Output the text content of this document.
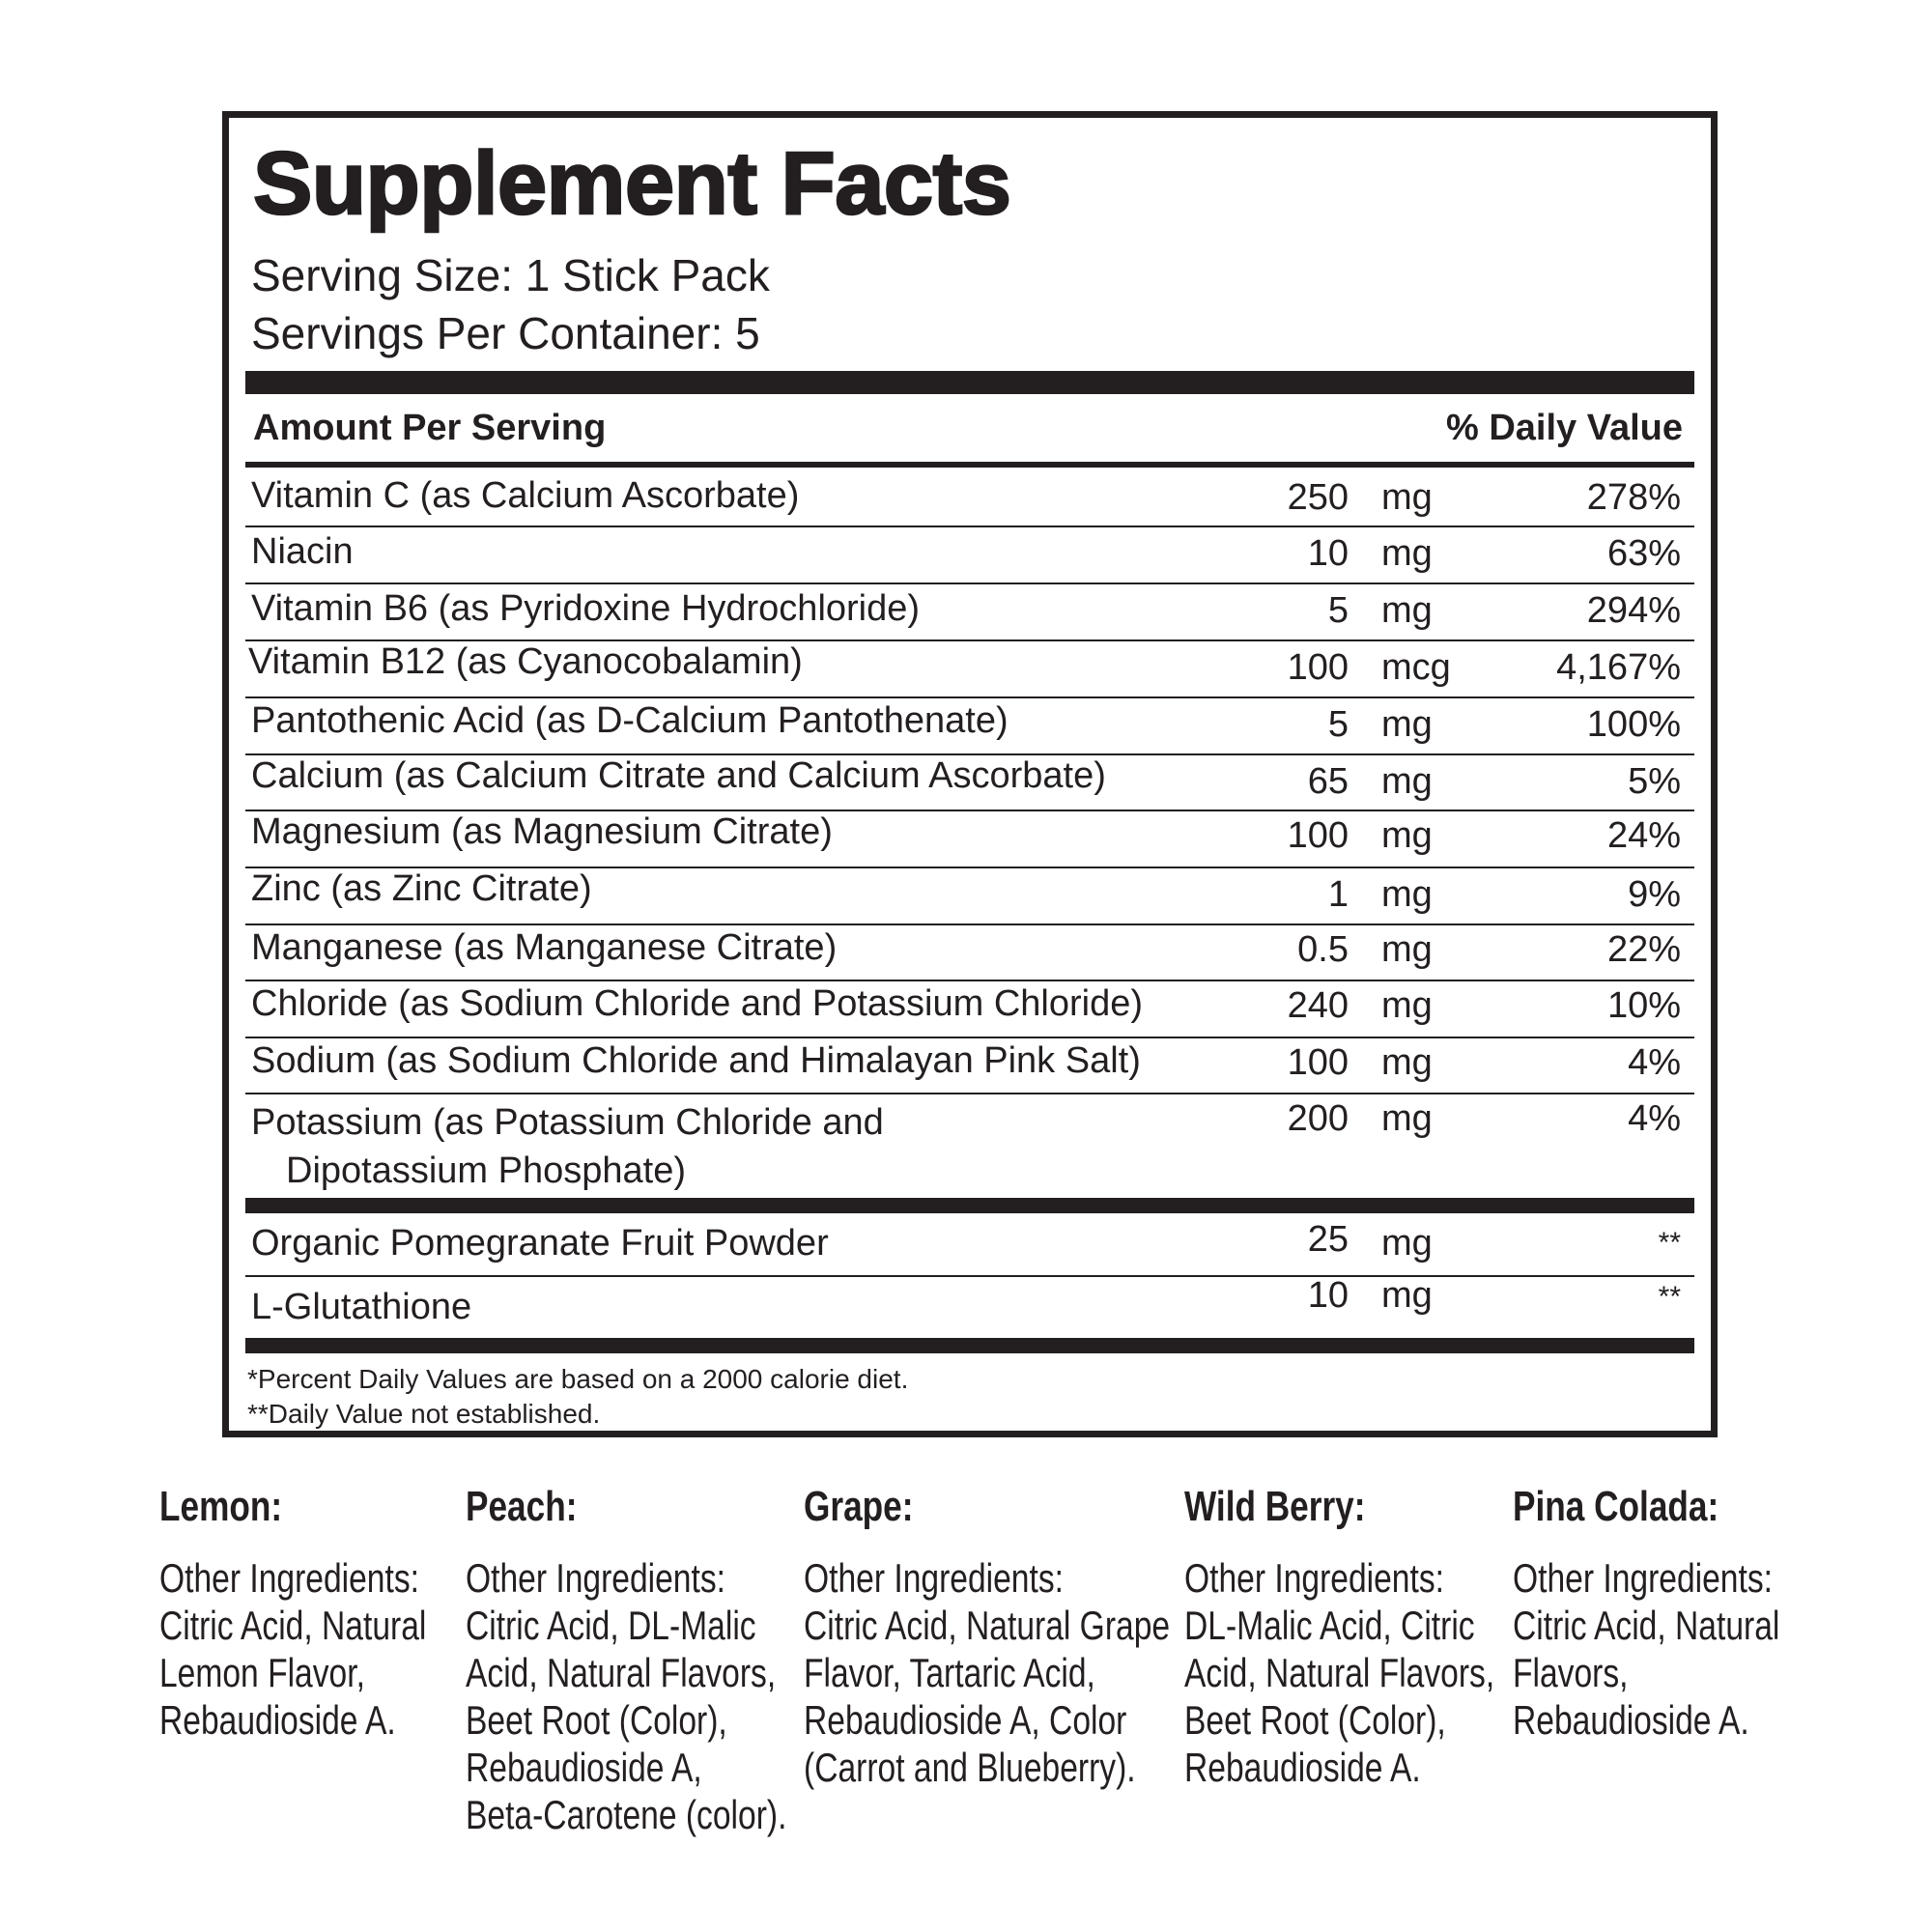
Supplement Facts
Serving Size: 1 Stick Pack
Servings Per Container: 5
Amount Per Serving	% Daily Value
Vitamin C (as Calcium Ascorbate)	250 mg	278%
Niacin	10 mg	63%
Vitamin B6 (as Pyridoxine Hydrochloride)	5 mg	294%
Vitamin B12 (as Cyanocobalamin)	100 mcg	4,167%
Pantothenic Acid (as D-Calcium Pantothenate)	5 mg	100%
Calcium (as Calcium Citrate and Calcium Ascorbate)	65 mg	5%
Magnesium (as Magnesium Citrate)	100 mg	24%
Zinc (as Zinc Citrate)	1 mg	9%
Manganese (as Manganese Citrate)	0.5 mg	22%
Chloride (as Sodium Chloride and Potassium Chloride)	240 mg	10%
Sodium (as Sodium Chloride and Himalayan Pink Salt)	100 mg	4%
Potassium (as Potassium Chloride and
Dipotassium Phosphate)
200 mg	4%
Organic Pomegranate Fruit Powder	25 mg	**
L-Glutathione	10 mg	**
*Percent Daily Values are based on a 2000 calorie diet.
**Daily Value not established.
Lemon:
Other Ingredients:
Citric Acid, Natural
Lemon Flavor,
Rebaudioside A.
Peach:
Other Ingredients:
Citric Acid, DL-Malic
Acid, Natural Flavors,
Beet Root (Color),
Rebaudioside A,
Beta-Carotene (color).
Grape:
Other Ingredients:
Citric Acid, Natural Grape
Flavor, Tartaric Acid,
Rebaudioside A, Color
(Carrot and Blueberry).
Wild Berry:
Other Ingredients:
DL-Malic Acid, Citric
Acid, Natural Flavors,
Beet Root (Color),
Rebaudioside A.
Pina Colada:
Other Ingredients:
Citric Acid, Natural
Flavors,
Rebaudioside A.
